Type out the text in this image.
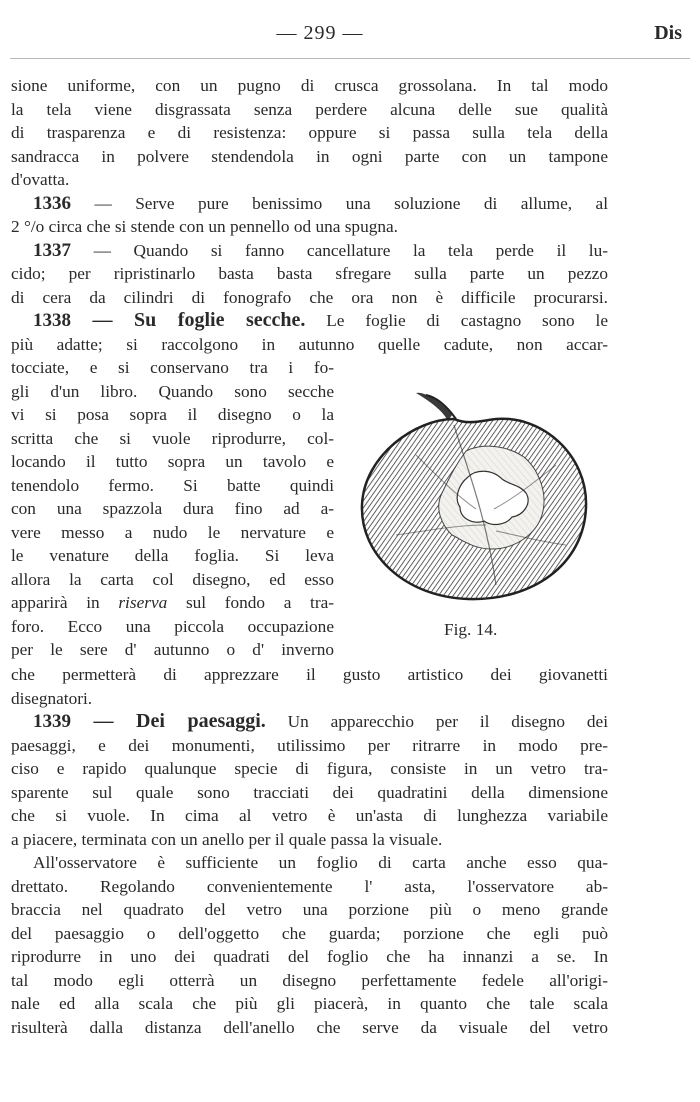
— 299 —	Dis
sione uniforme, con un pugno di crusca grossolana. In tal modo
la tela viene disgrassata senza perdere alcuna delle sue qualità
di trasparenza e di resistenza: oppure si passa sulla tela della
sandracca in polvere stendendola in ogni parte con un tampone
d'ovatta.
1336 — Serve pure benissimo una soluzione di allume, al
2 °/o circa che si stende con un pennello od una spugna.
1337 — Quando si fanno cancellature la tela perde il lu-
cido; per ripristinarlo basta basta sfregare sulla parte un pezzo
di cera da cilindri di fonografo che ora non è difficile procurarsi.
1338 — Su foglie secche. Le foglie di castagno sono le
più adatte; si raccolgono in autunno quelle cadute, non accar-
tocciate, e si conservano tra i fo-
gli d'un libro. Quando sono secche
vi si posa sopra il disegno o la
scritta che si vuole riprodurre, col-
locando il tutto sopra un tavolo e
tenendolo fermo. Si batte quindi
con una spazzola dura fino ad a-
vere messo a nudo le nervature e
le venature della foglia. Si leva
allora la carta col disegno, ed esso
apparirà in riserva sul fondo a tra-
foro. Ecco una piccola occupazione
per le sere d' autunno o d' inverno
Fig. 14.
che permetterà di apprezzare il gusto artistico dei giovanetti
disegnatori.
1339 — Dei paesaggi. Un apparecchio per il disegno dei
paesaggi, e dei monumenti, utilissimo per ritrarre in modo pre-
ciso e rapido qualunque specie di figura, consiste in un vetro tra-
sparente sul quale sono tracciati dei quadratini della dimensione
che si vuole. In cima al vetro è un'asta di lunghezza variabile
a piacere, terminata con un anello per il quale passa la visuale.
All'osservatore è sufficiente un foglio di carta anche esso qua-
drettato. Regolando convenientemente l' asta, l'osservatore ab-
braccia nel quadrato del vetro una porzione più o meno grande
del paesaggio o dell'oggetto che guarda; porzione che egli può
riprodurre in uno dei quadrati del foglio che ha innanzi a se. In
tal modo egli otterrà un disegno perfettamente fedele all'origi-
nale ed alla scala che più gli piacerà, in quanto che tale scala
risulterà dalla distanza dell'anello che serve da visuale del vetro
